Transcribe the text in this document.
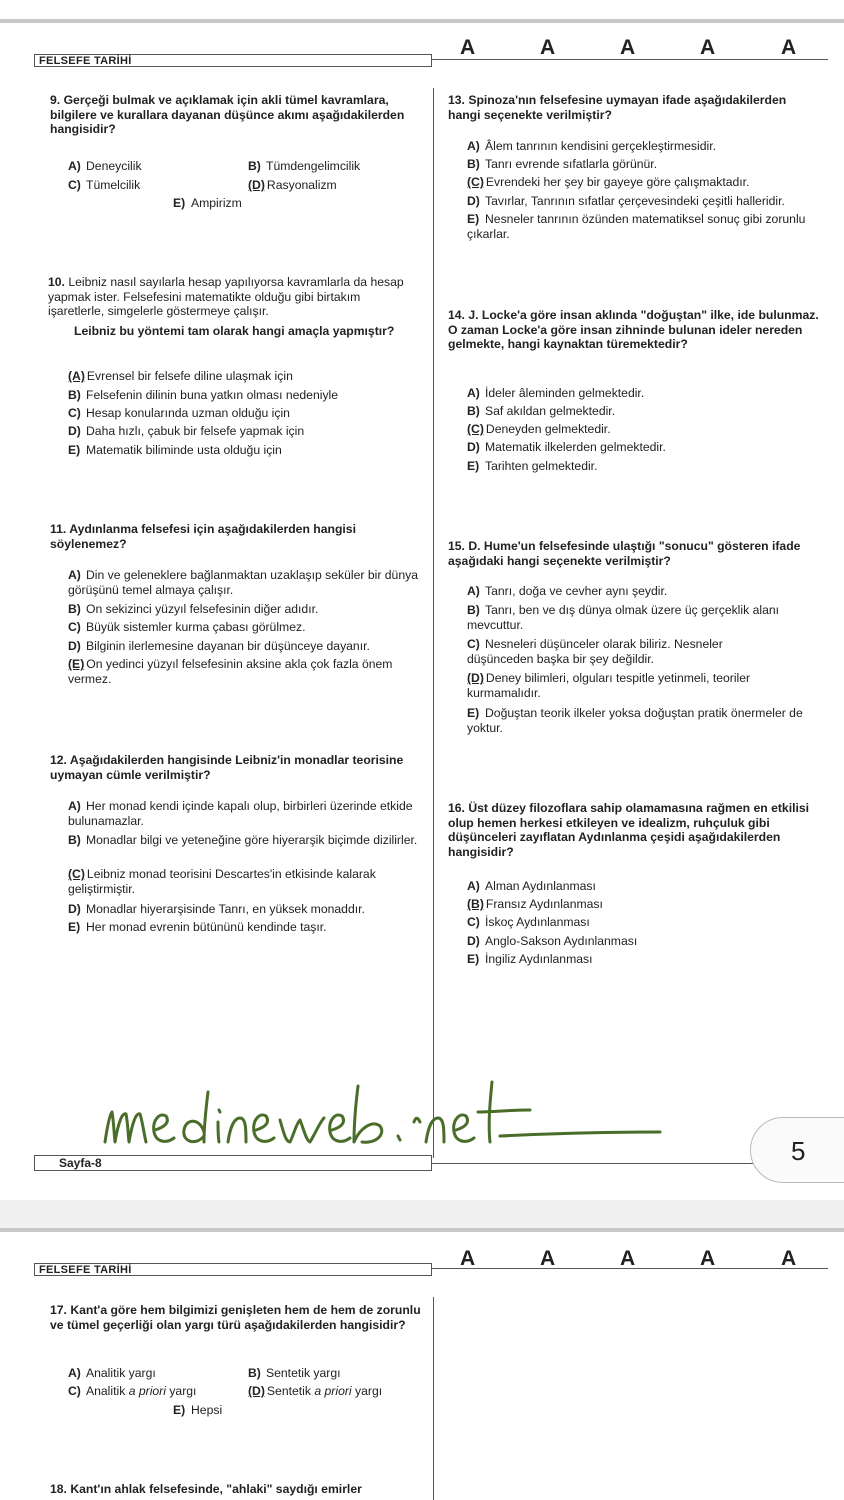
FELSEFE TARİHİ
A	A	A	A	A
9. Gerçeği bulmak ve açıklamak için akli tümel kavramlara, bilgilere ve kurallara dayanan düşünce akımı aşağıdakilerden hangisidir?
A) Deneycilik	B) Tümdengelimcilik
C) Tümelcilik	(D) Rasyonalizm
E) Ampirizm
10. Leibniz nasıl sayılarla hesap yapılıyorsa kavramlarla da hesap yapmak ister. Felsefesini matematikte olduğu gibi birtakım işaretlerle, simgelerle göstermeye çalışır.
Leibniz bu yöntemi tam olarak hangi amaçla yapmıştır?
(A) Evrensel bir felsefe diline ulaşmak için
B) Felsefenin dilinin buna yatkın olması nedeniyle
C) Hesap konularında uzman olduğu için
D) Daha hızlı, çabuk bir felsefe yapmak için
E) Matematik biliminde usta olduğu için
11. Aydınlanma felsefesi için aşağıdakilerden hangisi söylenemez?
A) Din ve geleneklere bağlanmaktan uzaklaşıp seküler bir dünya görüşünü temel almaya çalışır.
B) On sekizinci yüzyıl felsefesinin diğer adıdır.
C) Büyük sistemler kurma çabası görülmez.
D) Bilginin ilerlemesine dayanan bir düşünceye dayanır.
(E) On yedinci yüzyıl felsefesinin aksine akla çok fazla önem vermez.
12. Aşağıdakilerden hangisinde Leibniz'in monadlar teorisine uymayan cümle verilmiştir?
A) Her monad kendi içinde kapalı olup, birbirleri üzerinde etkide bulunamazlar.
B) Monadlar bilgi ve yeteneğine göre hiyerarşik biçimde dizilirler.
(C) Leibniz monad teorisini Descartes'in etkisinde kalarak geliştirmiştir.
D) Monadlar hiyerarşisinde Tanrı, en yüksek monaddır.
E) Her monad evrenin bütününü kendinde taşır.
13. Spinoza'nın felsefesine uymayan ifade aşağıdakilerden hangi seçenekte verilmiştir?
A) Âlem tanrının kendisini gerçekleştirmesidir.
B) Tanrı evrende sıfatlarla görünür.
(C) Evrendeki her şey bir gayeye göre çalışmaktadır.
D) Tavırlar, Tanrının sıfatlar çerçevesindeki çeşitli halleridir.
E) Nesneler tanrının özünden matematiksel sonuç gibi zorunlu çıkarlar.
14. J. Locke'a göre insan aklında "doğuştan" ilke, ide bulunmaz. O zaman Locke'a göre insan zihninde bulunan ideler nereden gelmekte, hangi kaynaktan türemektedir?
A) İdeler âleminden gelmektedir.
B) Saf akıldan gelmektedir.
(C) Deneyden gelmektedir.
D) Matematik ilkelerden gelmektedir.
E) Tarihten gelmektedir.
15. D. Hume'un felsefesinde ulaştığı "sonucu" gösteren ifade aşağıdaki hangi seçenekte verilmiştir?
A) Tanrı, doğa ve cevher aynı şeydir.
B) Tanrı, ben ve dış dünya olmak üzere üç gerçeklik alanı mevcuttur.
C) Nesneleri düşünceler olarak biliriz. Nesneler düşünceden başka bir şey değildir.
(D) Deney bilimleri, olguları tespitle yetinmeli, teoriler kurmamalıdır.
E) Doğuştan teorik ilkeler yoksa doğuştan pratik önermeler de yoktur.
16. Üst düzey filozoflara sahip olamamasına rağmen en etkilisi olup hemen herkesi etkileyen ve idealizm, ruhçuluk gibi düşünceleri zayıflatan Aydınlanma çeşidi aşağıdakilerden hangisidir?
A) Alman Aydınlanması
(B) Fransız Aydınlanması
C) İskoç Aydınlanması
D) Anglo-Sakson Aydınlanması
E) İngiliz Aydınlanması
Sayfa-8	5
FELSEFE TARİHİ	A	A	A	A	A
17. Kant'a göre hem bilgimizi genişleten hem de hem de zorunlu ve tümel geçerliği olan yargı türü aşağıdakilerden hangisidir?
A) Analitik yargı	B) Sentetik yargı
C) Analitik a priori yargı	(D) Sentetik a priori yargı
E) Hepsi
18. Kant'ın ahlak felsefesinde, "ahlaki" saydığı emirler
